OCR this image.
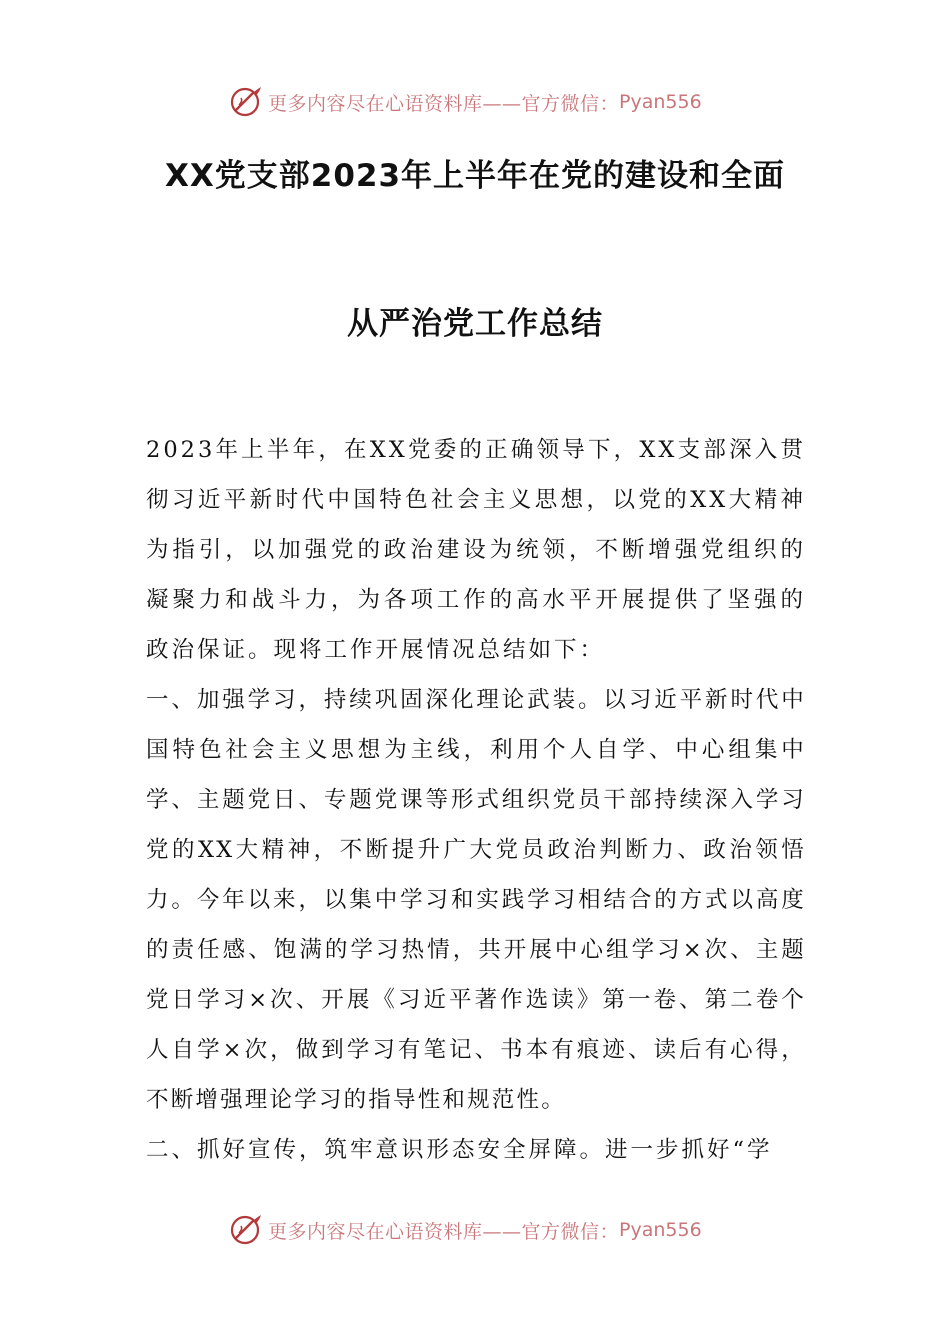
更多内容尽在心语资料库——官方微信： Pyan556
XX党支部2023年上半年在党的建设和全面
从严治党工作总结

2023年上半年，在XX党委的正确领导下，XX支部深入贯彻习近平新时代中国特色社会主义思想，以党的XX大精神为指引，以加强党的政治建设为统领，不断增强党组织的凝聚力和战斗力，为各项工作的高水平开展提供了坚强的政治保证。现将工作开展情况总结如下：

一、加强学习，持续巩固深化理论武装。以习近平新时代中国特色社会主义思想为主线，利用个人自学、中心组集中学、主题党日、专题党课等形式组织党员干部持续深入学习党的XX大精神，不断提升广大党员政治判断力、政治领悟力。今年以来，以集中学习和实践学习相结合的方式以高度的责任感、饱满的学习热情，共开展中心组学习×次、主题党日学习×次、开展《习近平著作选读》第一卷、第二卷个人自学×次，做到学习有笔记、书本有痕迹、读后有心得，不断增强理论学习的指导性和规范性。

二、抓好宣传，筑牢意识形态安全屏障。进一步抓好“学

更多内容尽在心语资料库——官方微信： Pyan556
